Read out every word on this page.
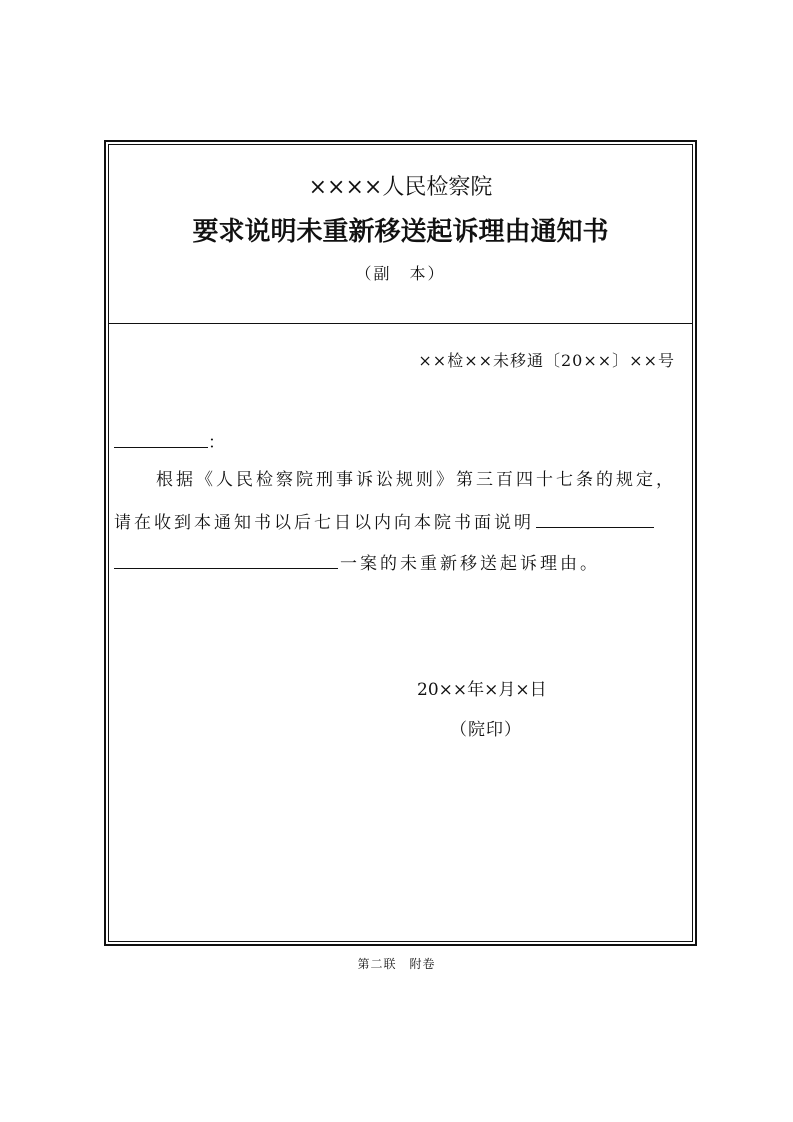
××××人民检察院
要求说明未重新移送起诉理由通知书
（副　本）
××检××未移通〔20××〕××号
：
根据《人民检察院刑事诉讼规则》第三百四十七条的规定，
请在收到本通知书以后七日以内向本院书面说明
一案的未重新移送起诉理由。
20××年×月×日
（院印）
第二联　附卷
